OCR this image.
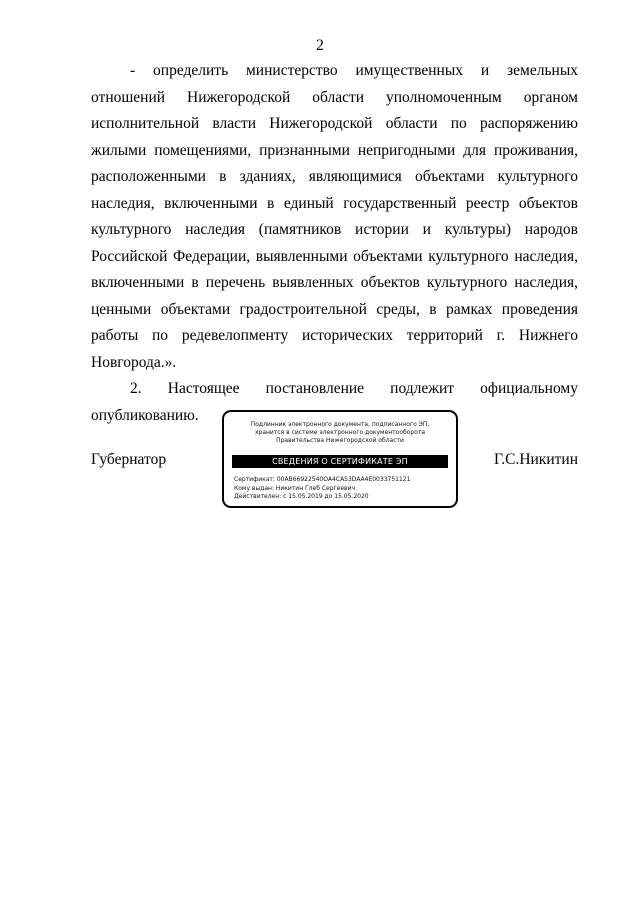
2

- определить министерство имущественных и земельных отношений Нижегородской области уполномоченным органом исполнительной власти Нижегородской области по распоряжению жилыми помещениями, признанными непригодными для проживания, расположенными в зданиях, являющимися объектами культурного наследия, включенными в единый государственный реестр объектов культурного наследия (памятников истории и культуры) народов Российской Федерации, выявленными объектами культурного наследия, включенными в перечень выявленных объектов культурного наследия, ценными объектами градостроительной среды, в рамках проведения работы по редевелопменту исторических территорий г. Нижнего Новгорода.».

2. Настоящее постановление подлежит официальному опубликованию.

Губернатор
Подлинник электронного документа, подписанного ЭП,
хранится в системе электронного документооборота
Правительства Нижегородской области
СВЕДЕНИЯ О СЕРТИФИКАТЕ ЭП
Сертификат: 00AB66922540ОА4СА53DАА4Е0033751121
Кому выдан: Никитин Глеб Сергеевич
Действителен: с 15.05.2019 до 15.05.2020
Г.С.Никитин
